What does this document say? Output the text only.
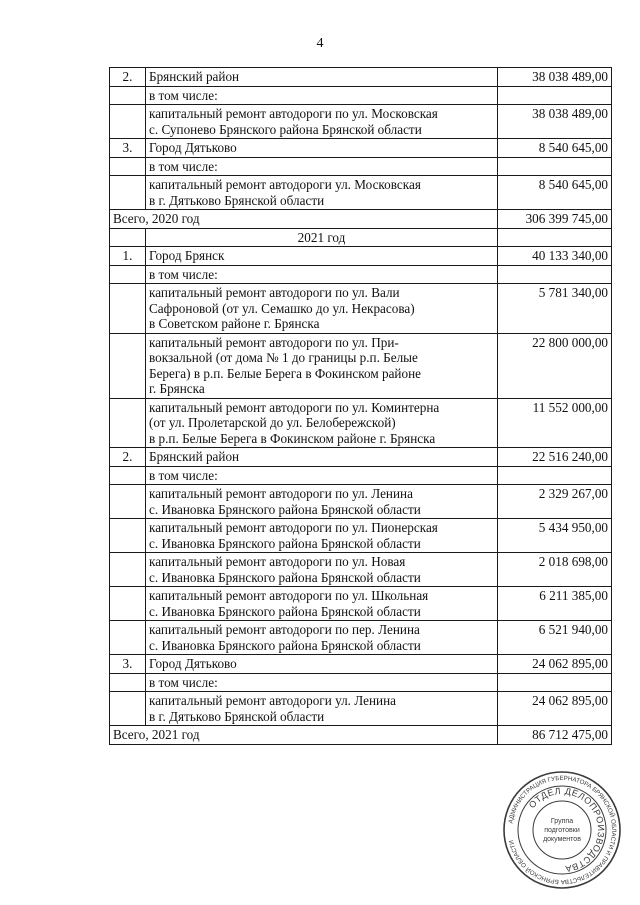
4
2.	Брянский район	38 038 489,00

	в том числе:	

	капитальный ремонт автодороги по ул. Московская
с. Супонево Брянского района Брянской области	38 038 489,00
3.	Город Дятьково	8 540 645,00

	в том числе:	

	капитальный ремонт автодороги ул. Московская
в г. Дятьково Брянской области	8 540 645,00
Всего, 2020 год		306 399 745,00
	2021 год	
1.	Город Брянск	40 133 340,00

	в том числе:	

	капитальный ремонт автодороги по ул. Вали
Сафроновой (от ул. Семашко до ул. Некрасова)
в Советском районе г. Брянска	5 781 340,00

	капитальный ремонт автодороги по ул. При-
вокзальной (от дома № 1 до границы р.п. Белые
Берега) в р.п. Белые Берега в Фокинском районе
г. Брянска	22 800 000,00

	капитальный ремонт автодороги по ул. Коминтерна
(от ул. Пролетарской до ул. Белобережской)
в р.п. Белые Берега в Фокинском районе г. Брянска	11 552 000,00
2.	Брянский район	22 516 240,00

	в том числе:	

	капитальный ремонт автодороги по ул. Ленина
с. Ивановка Брянского района Брянской области	2 329 267,00

	капитальный ремонт автодороги по ул. Пионерская
с. Ивановка Брянского района Брянской области	5 434 950,00

	капитальный ремонт автодороги по ул. Новая
с. Ивановка Брянского района Брянской области	2 018 698,00

	капитальный ремонт автодороги по ул. Школьная
с. Ивановка Брянского района Брянской области	6 211 385,00

	капитальный ремонт автодороги по пер. Ленина
с. Ивановка Брянского района Брянской области	6 521 940,00
3.	Город Дятьково	24 062 895,00

	в том числе:	

	капитальный ремонт автодороги ул. Ленина
в г. Дятьково Брянской области	24 062 895,00
Всего, 2021 год		86 712 475,00
АДМИНИСТРАЦИЯ ГУБЕРНАТОРА БРЯНСКОЙ ОБЛАСТИ И ПРАВИТЕЛЬСТВА БРЯНСКОЙ ОБЛАСТИ
ОТДЕЛ ДЕЛОПРОИЗВОДСТВА
Группа
подготовки
документов
